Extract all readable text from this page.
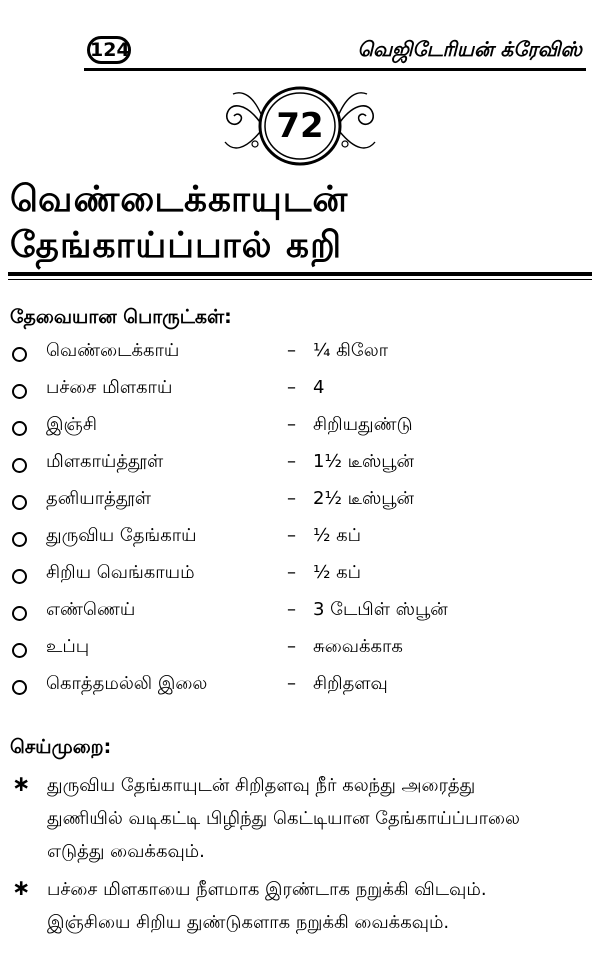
124	வெஜிடேரியன் க்ரேவிஸ்
72
வெண்டைக்காயுடன்
தேங்காய்ப்பால் கறி
தேவையான பொருட்கள்:
வெண்டைக்காய்	– ¼ கிலோ
பச்சை மிளகாய்	– 4
இஞ்சி	– சிறியதுண்டு
மிளகாய்த்தூள்	– 1½ டீஸ்பூன்
தனியாத்தூள்	– 2½ டீஸ்பூன்
துருவிய தேங்காய்	– ½ கப்
சிறிய வெங்காயம்	– ½ கப்
எண்ணெய்	– 3 டேபிள் ஸ்பூன்
உப்பு	– சுவைக்காக
கொத்தமல்லி இலை	– சிறிதளவு
செய்முறை:
∗ துருவிய தேங்காயுடன் சிறிதளவு நீர் கலந்து அரைத்து
துணியில் வடிகட்டி பிழிந்து கெட்டியான தேங்காய்ப்பாலை
எடுத்து வைக்கவும்.
∗ பச்சை மிளகாயை நீளமாக இரண்டாக நறுக்கி விடவும்.
இஞ்சியை சிறிய துண்டுகளாக நறுக்கி வைக்கவும்.
